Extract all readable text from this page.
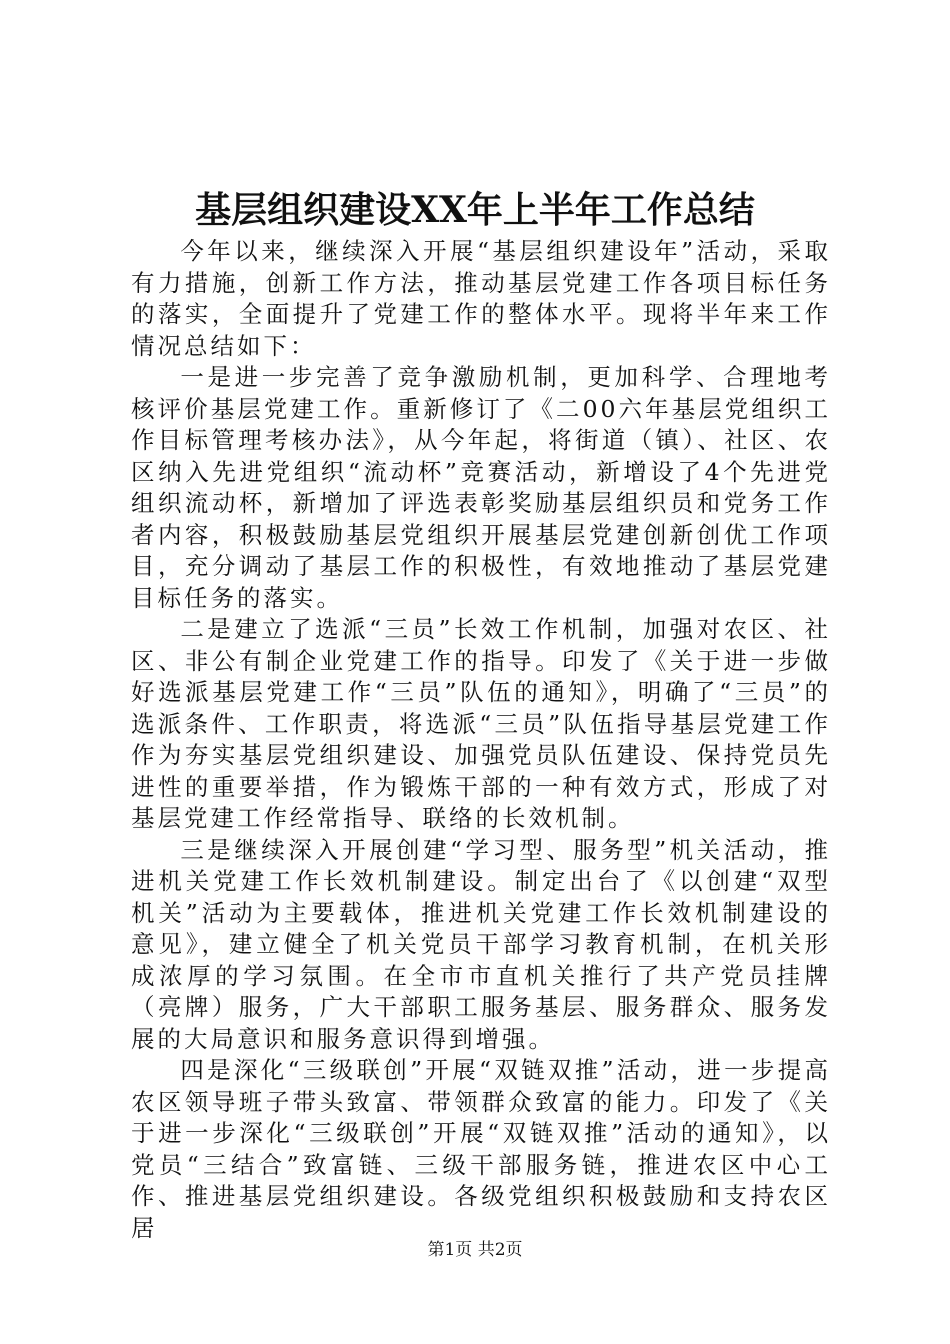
基层组织建设XX年上半年工作总结

今年以来，继续深入开展“基层组织建设年”活动，采取有力措施，创新工作方法，推动基层党建工作各项目标任务的落实，全面提升了党建工作的整体水平。现将半年来工作情况总结如下：

一是进一步完善了竞争激励机制，更加科学、合理地考核评价基层党建工作。重新修订了《二00六年基层党组织工作目标管理考核办法》，从今年起，将街道（镇）、社区、农区纳入先进党组织“流动杯”竞赛活动，新增设了4个先进党组织流动杯，新增加了评选表彰奖励基层组织员和党务工作者内容，积极鼓励基层党组织开展基层党建创新创优工作项目，充分调动了基层工作的积极性，有效地推动了基层党建目标任务的落实。

二是建立了选派“三员”长效工作机制，加强对农区、社区、非公有制企业党建工作的指导。印发了《关于进一步做好选派基层党建工作“三员”队伍的通知》，明确了“三员”的选派条件、工作职责，将选派“三员”队伍指导基层党建工作作为夯实基层党组织建设、加强党员队伍建设、保持党员先进性的重要举措，作为锻炼干部的一种有效方式，形成了对基层党建工作经常指导、联络的长效机制。

三是继续深入开展创建“学习型、服务型”机关活动，推进机关党建工作长效机制建设。制定出台了《以创建“双型机关”活动为主要载体，推进机关党建工作长效机制建设的意见》，建立健全了机关党员干部学习教育机制，在机关形成浓厚的学习氛围。在全市市直机关推行了共产党员挂牌（亮牌）服务，广大干部职工服务基层、服务群众、服务发展的大局意识和服务意识得到增强。

四是深化“三级联创”开展“双链双推”活动，进一步提高农区领导班子带头致富、带领群众致富的能力。印发了《关于进一步深化“三级联创”开展“双链双推”活动的通知》，以党员“三结合”致富链、三级干部服务链，推进农区中心工作、推进基层党组织建设。各级党组织积极鼓励和支持农区居

第1页 共2页
